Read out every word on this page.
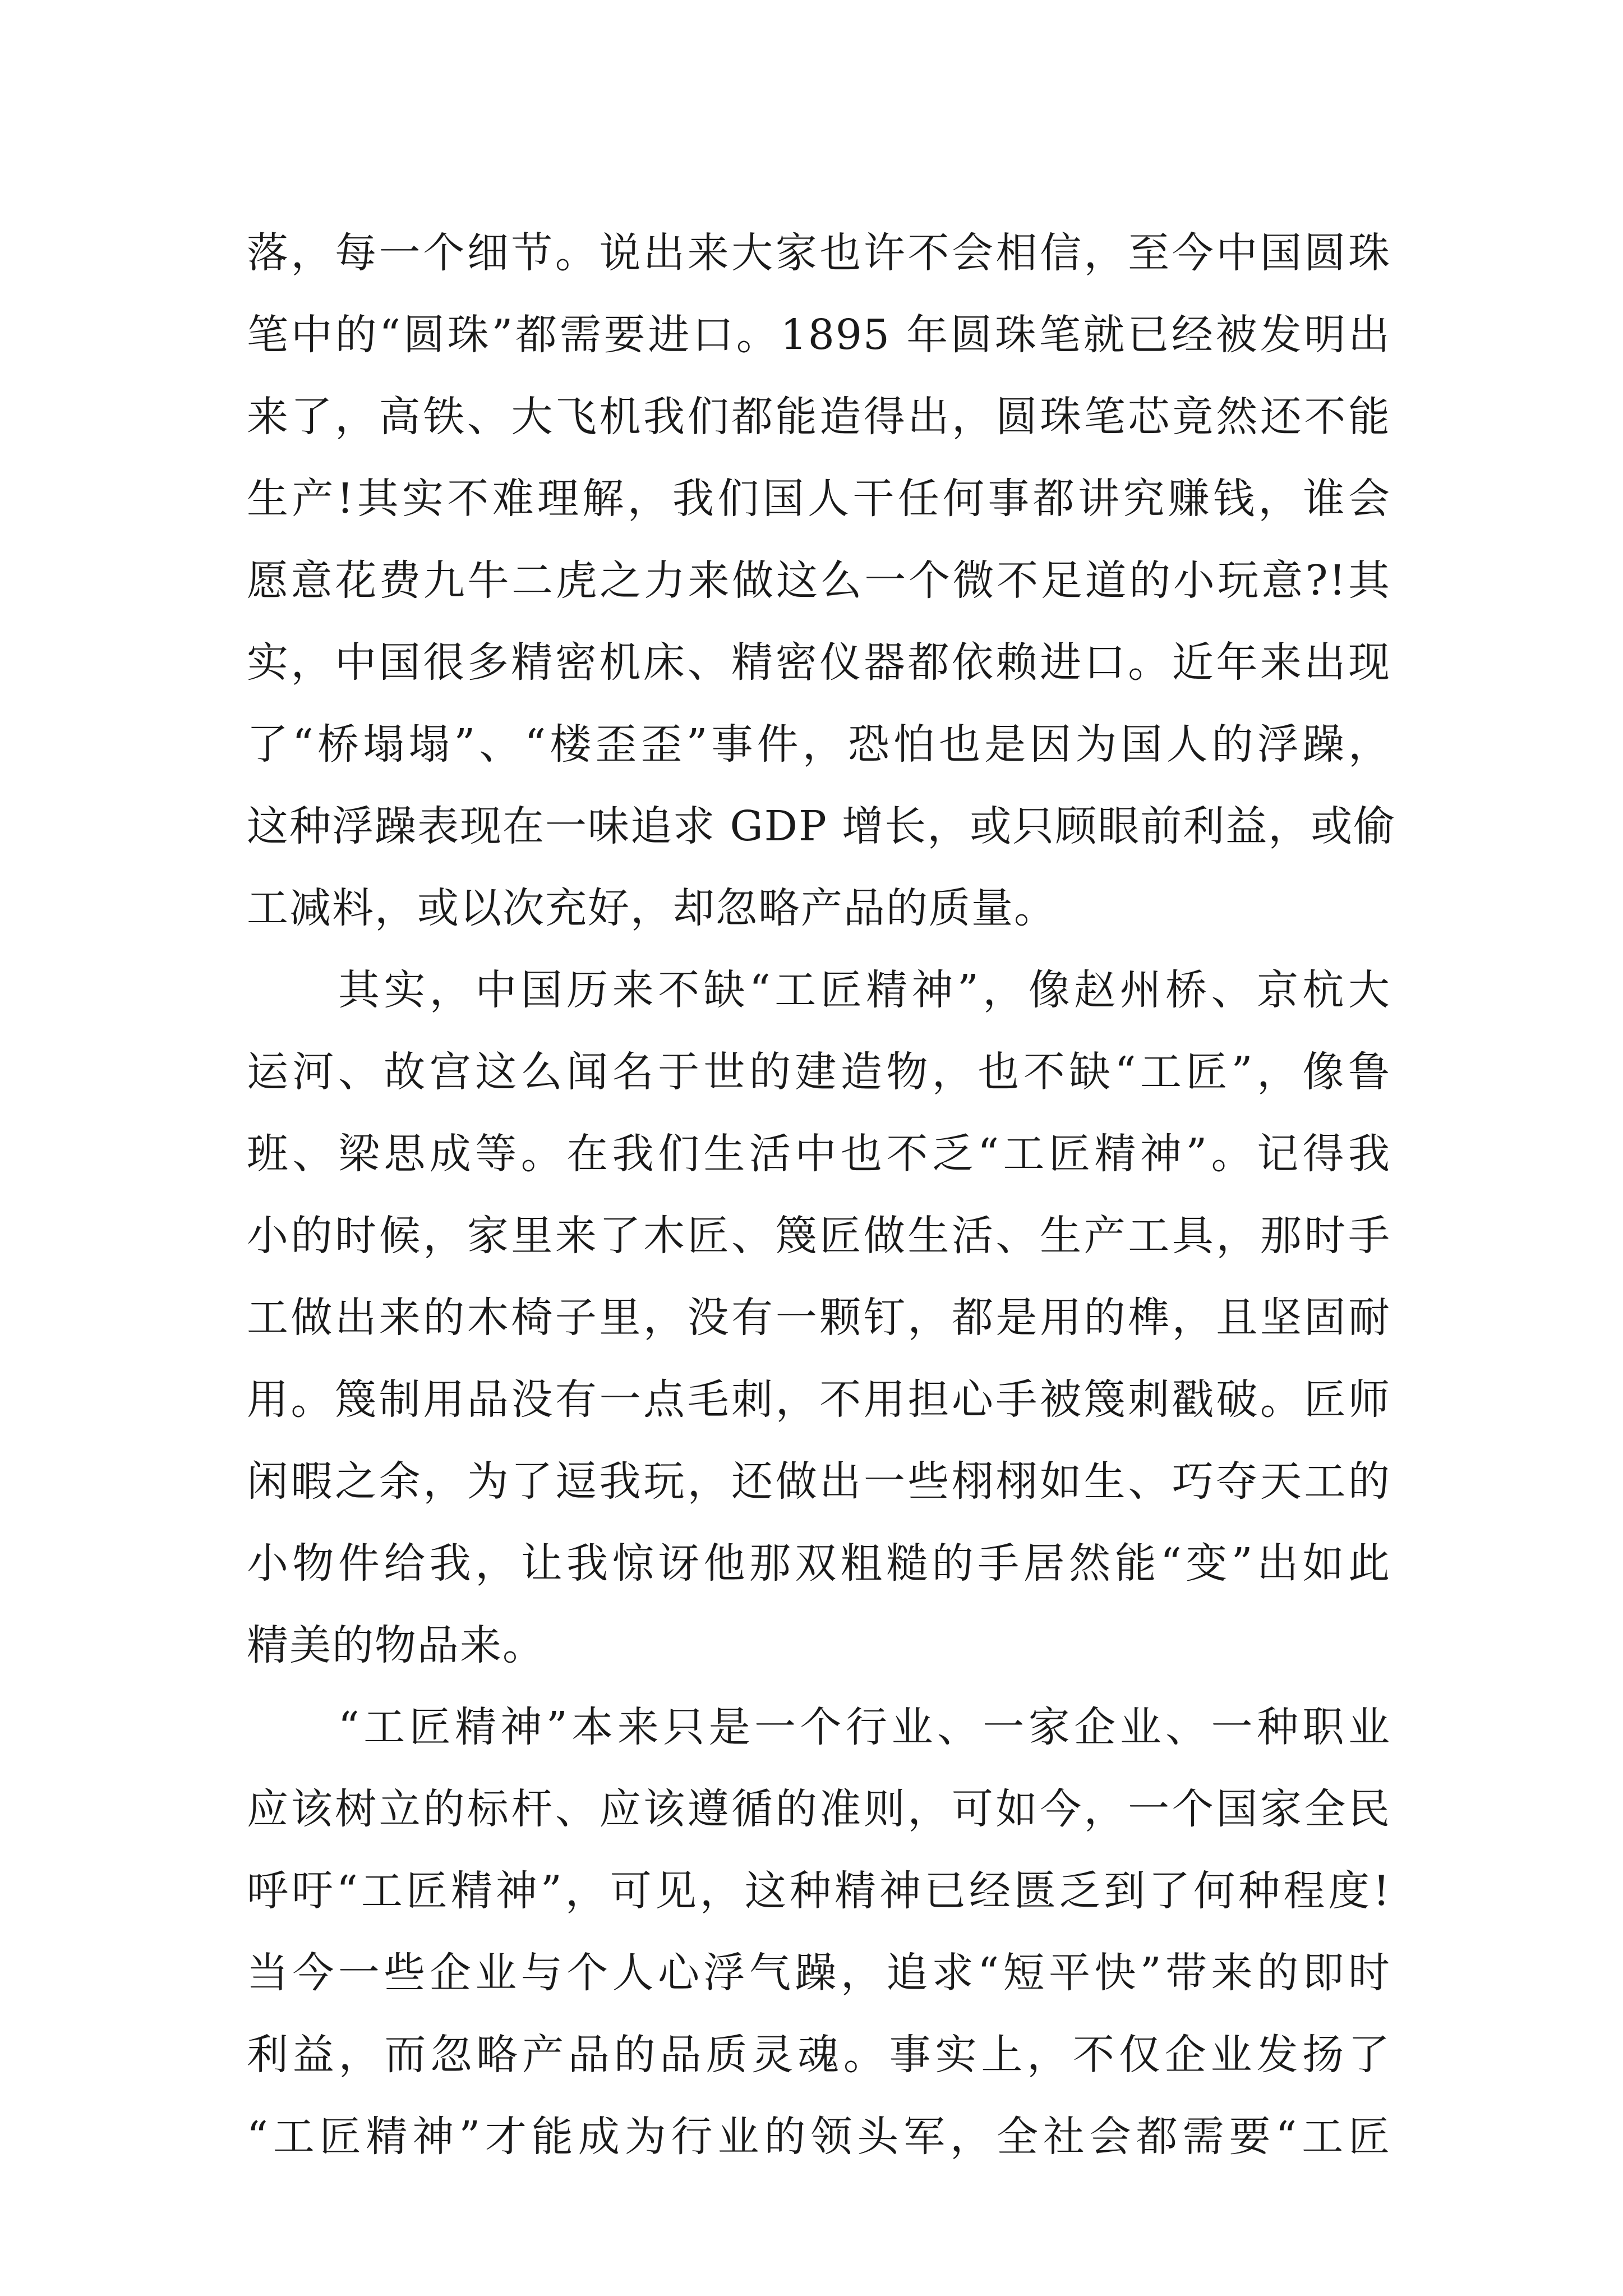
落，每一个细节。说出来大家也许不会相信，至今中国圆珠
笔中的“圆珠”都需要进口。1895 年圆珠笔就已经被发明出
来了，高铁、大飞机我们都能造得出，圆珠笔芯竟然还不能
生产!其实不难理解，我们国人干任何事都讲究赚钱，谁会
愿意花费九牛二虎之力来做这么一个微不足道的小玩意?!其
实，中国很多精密机床、精密仪器都依赖进口。近年来出现
了“桥塌塌”、“楼歪歪”事件，恐怕也是因为国人的浮躁，
这种浮躁表现在一味追求 GDP 增长，或只顾眼前利益，或偷
工减料，或以次充好，却忽略产品的质量。
　　其实，中国历来不缺“工匠精神”，像赵州桥、京杭大
运河、故宫这么闻名于世的建造物，也不缺“工匠”，像鲁
班、梁思成等。在我们生活中也不乏“工匠精神”。记得我
小的时候，家里来了木匠、篾匠做生活、生产工具，那时手
工做出来的木椅子里，没有一颗钉，都是用的榫，且坚固耐
用。篾制用品没有一点毛刺，不用担心手被篾刺戳破。匠师
闲暇之余，为了逗我玩，还做出一些栩栩如生、巧夺天工的
小物件给我，让我惊讶他那双粗糙的手居然能“变”出如此
精美的物品来。
　　“工匠精神”本来只是一个行业、一家企业、一种职业
应该树立的标杆、应该遵循的准则，可如今，一个国家全民
呼吁“工匠精神”，可见，这种精神已经匮乏到了何种程度!
当今一些企业与个人心浮气躁，追求“短平快”带来的即时
利益，而忽略产品的品质灵魂。事实上，不仅企业发扬了
“工匠精神”才能成为行业的领头军，全社会都需要“工匠
